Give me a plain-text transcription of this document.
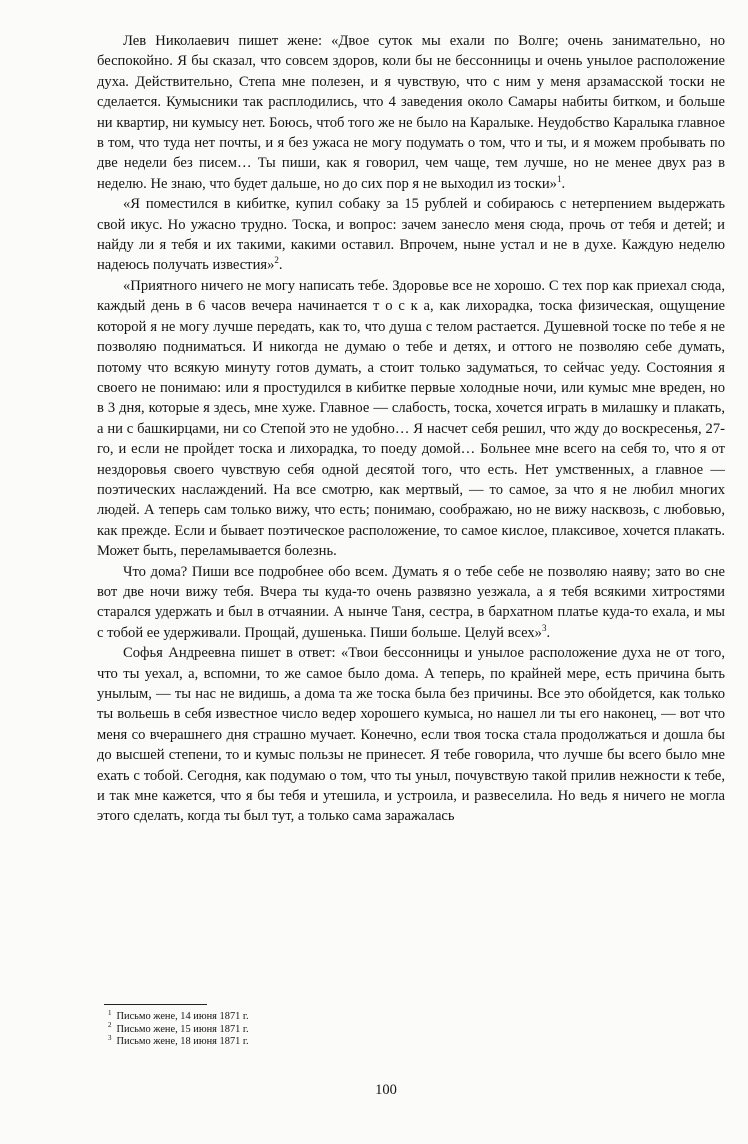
Лев Николаевич пишет жене: «Двое суток мы ехали по Волге; очень занимательно, но беспокойно. Я бы сказал, что совсем здоров, коли бы не бессонницы и очень унылое расположение духа. Действительно, Степа мне полезен, и я чувствую, что с ним у меня арзамасской тоски не сделается. Кумысники так расплодились, что 4 заведения около Самары набиты битком, и больше ни квартир, ни кумысу нет. Боюсь, чтоб того же не было на Каралыке. Неудобство Каралыка главное в том, что туда нет почты, и я без ужаса не могу подумать о том, что и ты, и я можем пробывать по две недели без писем… Ты пиши, как я говорил, чем чаще, тем лучше, но не менее двух раз в неделю. Не знаю, что будет дальше, но до сих пор я не выходил из тоски»$^1$.

«Я поместился в кибитке, купил собаку за 15 рублей и собираюсь с нетерпением выдержать свой икус. Но ужасно трудно. Тоска, и вопрос: зачем занесло меня сюда, прочь от тебя и детей; и найду ли я тебя и их такими, какими оставил. Впрочем, ныне устал и не в духе. Каждую неделю надеюсь получать известия»$^2$.

«Приятного ничего не могу написать тебе. Здоровье все не хорошо. С тех пор как приехал сюда, каждый день в 6 часов вечера начинается т о с к а, как лихорадка, тоска физическая, ощущение которой я не могу лучше передать, как то, что душа с телом растается. Душевной тоске по тебе я не позволяю подниматься. И никогда не думаю о тебе и детях, и оттого не позволяю себе думать, потому что всякую минуту готов думать, а стоит только задуматься, то сейчас уеду. Состояния я своего не понимаю: или я простудился в кибитке первые холодные ночи, или кумыс мне вреден, но в 3 дня, которые я здесь, мне хуже. Главное — слабость, тоска, хочется играть в милашку и плакать, а ни с башкирцами, ни со Степой это не удобно… Я насчет себя решил, что жду до воскресенья, 27-го, и если не пройдет тоска и лихорадка, то поеду домой… Больнее мне всего на себя то, что я от нездоровья своего чувствую себя одной десятой того, что есть. Нет умственных, а главное — поэтических наслаждений. На все смотрю, как мертвый, — то самое, за что я не любил многих людей. А теперь сам только вижу, что есть; понимаю, соображаю, но не вижу насквозь, с любовью, как прежде. Если и бывает поэтическое расположение, то самое кислое, плаксивое, хочется плакать. Может быть, переламывается болезнь.

Что дома? Пиши все подробнее обо всем. Думать я о тебе себе не позволяю наяву; зато во сне вот две ночи вижу тебя. Вчера ты куда-то очень развязно уезжала, а я тебя всякими хитростями старался удержать и был в отчаянии. А нынче Таня, сестра, в бархатном платье куда-то ехала, и мы с тобой ее удерживали. Прощай, душенька. Пиши больше. Целуй всех»$^3$.

Софья Андреевна пишет в ответ: «Твои бессонницы и унылое расположение духа не от того, что ты уехал, а, вспомни, то же самое было дома. А теперь, по крайней мере, есть причина быть унылым, — ты нас не видишь, а дома та же тоска была без причины. Все это обойдется, как только ты вольешь в себя известное число ведер хорошего кумыса, но нашел ли ты его наконец, — вот что меня со вчерашнего дня страшно мучает. Конечно, если твоя тоска стала продолжаться и дошла бы до высшей степени, то и кумыс пользы не принесет. Я тебе говорила, что лучше бы всего было мне ехать с тобой. Сегодня, как подумаю о том, что ты уныл, почувствую такой прилив нежности к тебе, и так мне кажется, что я бы тебя и утешила, и устроила, и развеселила. Но ведь я ничего не могла этого сделать, когда ты был тут, а только сама заражалась

$^1$ Письмо жене, 14 июня 1871 г.
$^2$ Письмо жене, 15 июня 1871 г.
$^3$ Письмо жене, 18 июня 1871 г.
100
